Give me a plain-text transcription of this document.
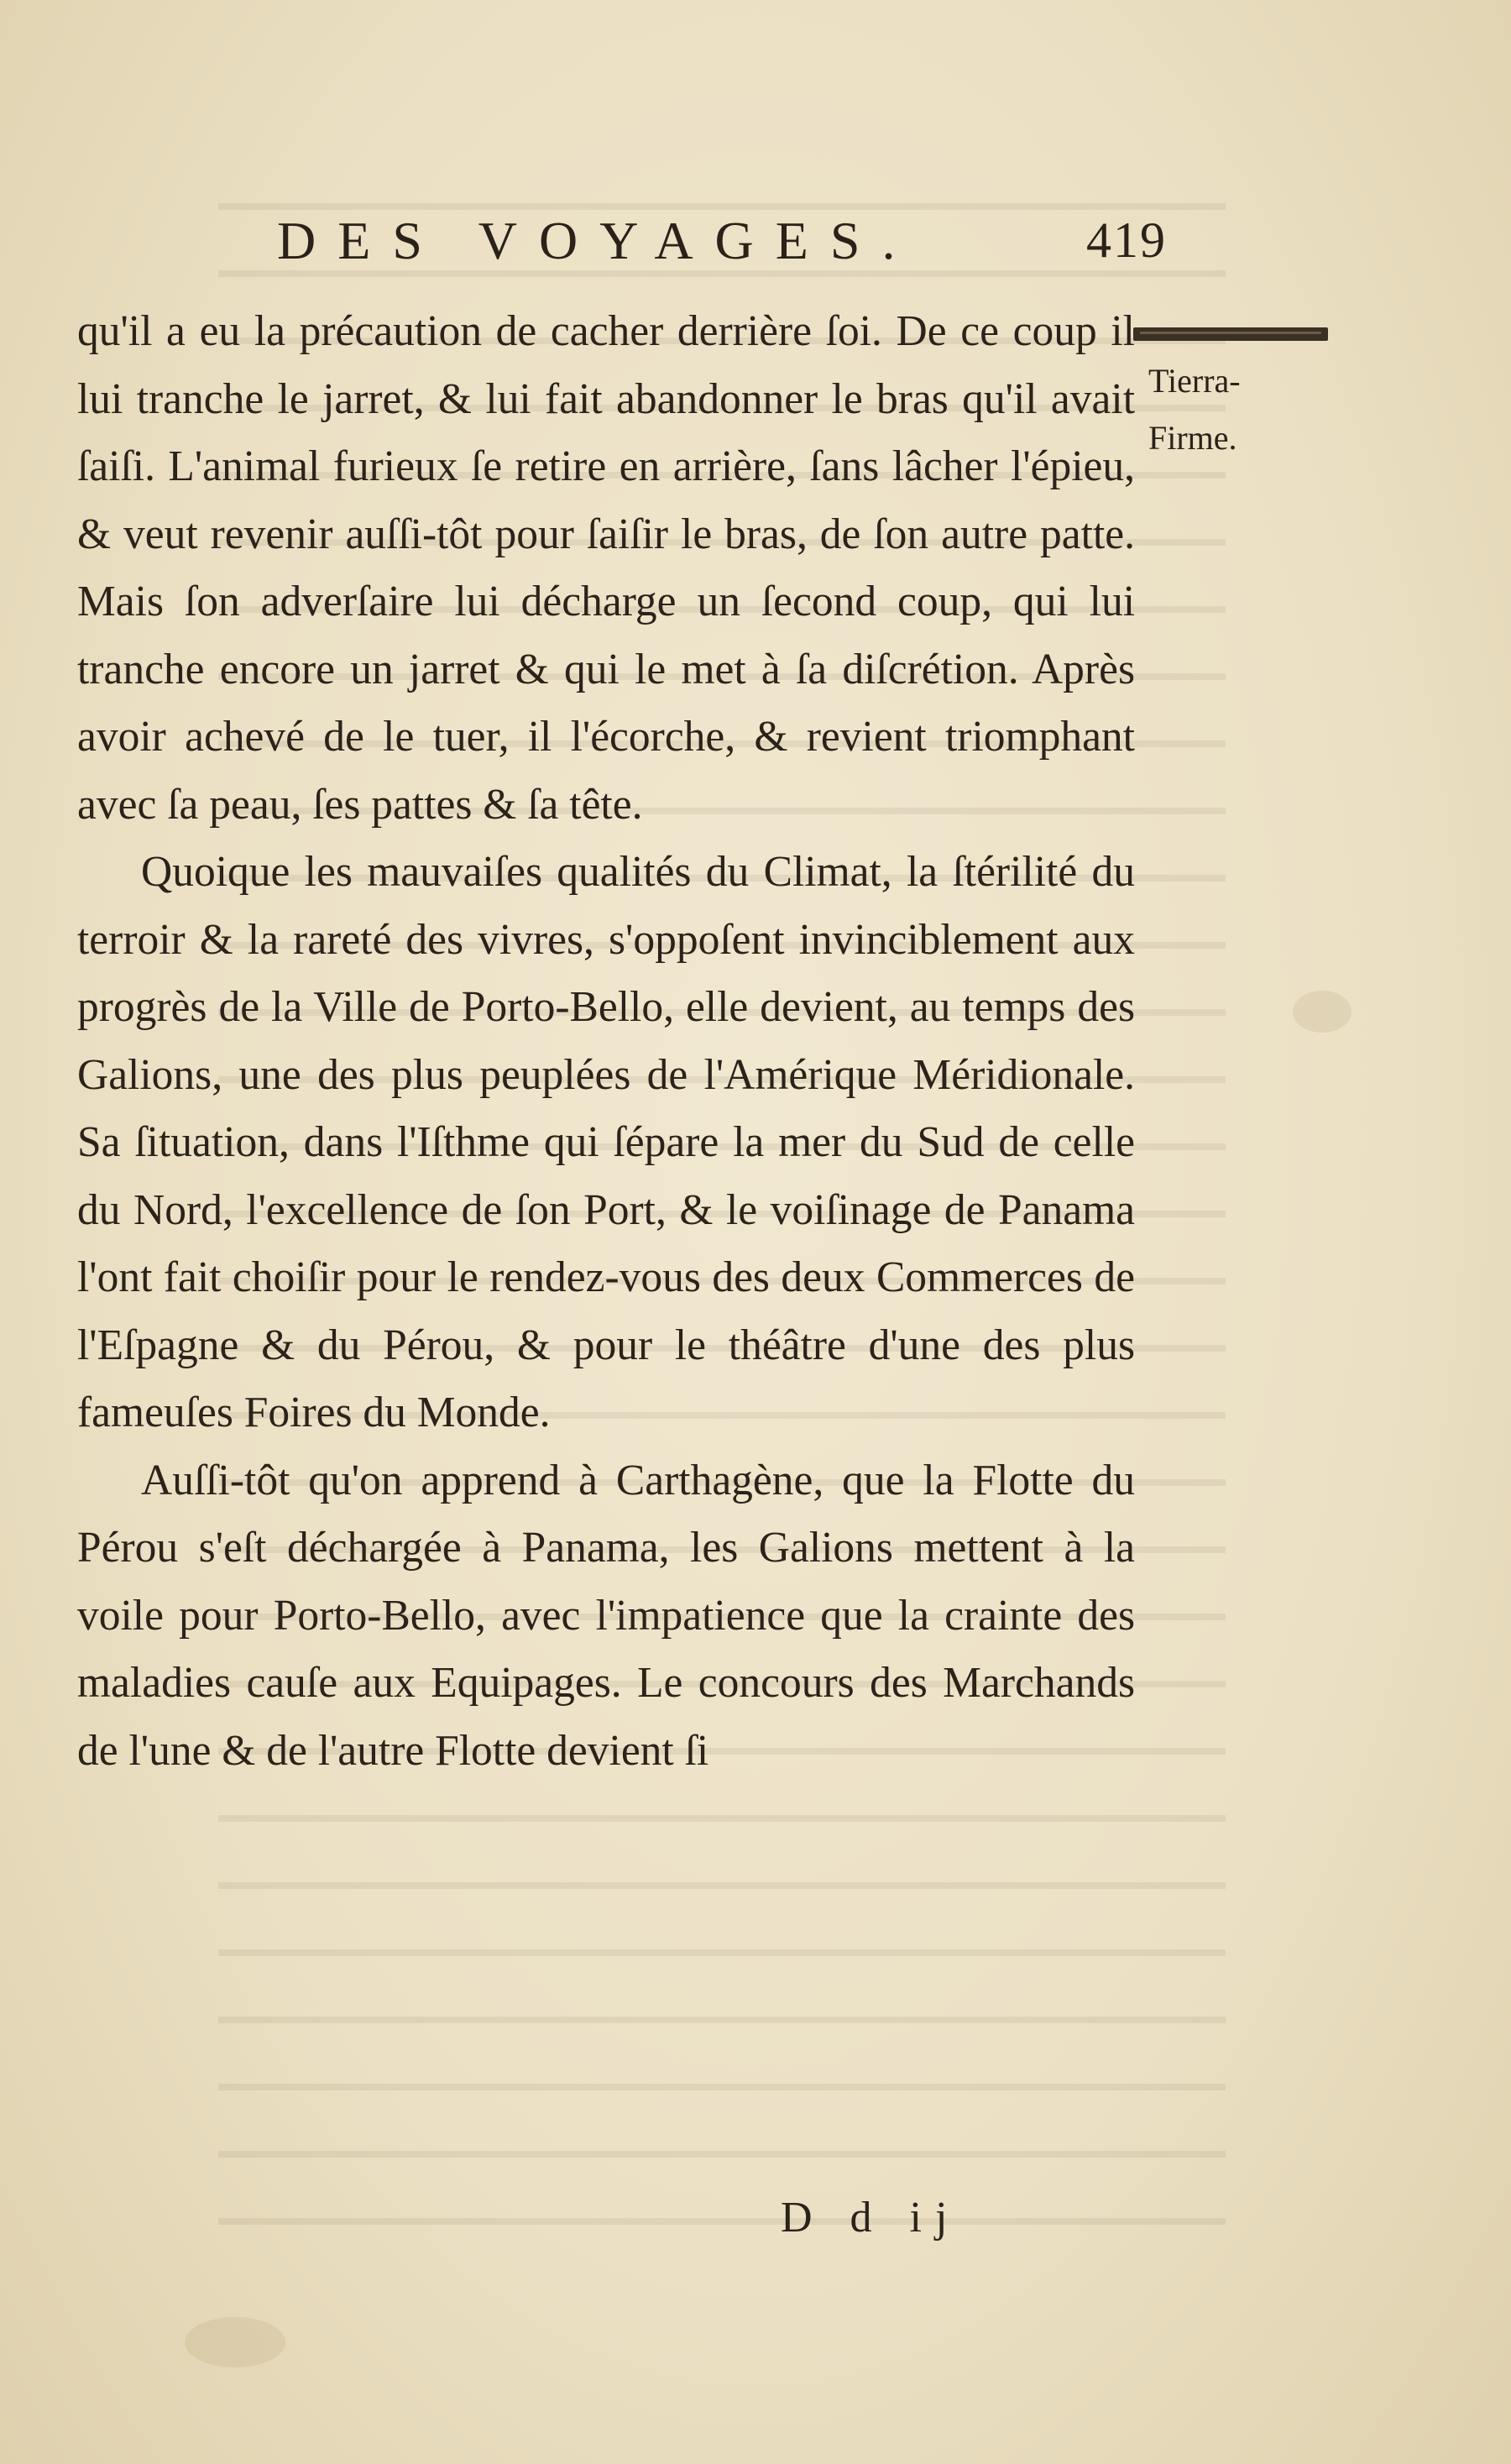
DES VOYAGES.	419
Tierra-
Firme.

qu'il a eu la précaution de cacher derrière ſoi. De ce coup il lui tranche le jarret, & lui fait abandonner le bras qu'il avait ſaiſi. L'animal furieux ſe retire en arrière, ſans lâcher l'épieu, & veut revenir auſſi-tôt pour ſaiſir le bras, de ſon autre patte. Mais ſon adverſaire lui décharge un ſecond coup, qui lui tranche encore un jarret & qui le met à ſa diſcrétion. Après avoir achevé de le tuer, il l'écorche, & revient triomphant avec ſa peau, ſes pattes & ſa tête.

Quoique les mauvaiſes qualités du Climat, la ſtérilité du terroir & la rareté des vivres, s'oppoſent invinciblement aux progrès de la Ville de Porto-Bello, elle devient, au temps des Galions, une des plus peuplées de l'Amérique Méridionale. Sa ſituation, dans l'Iſthme qui ſépare la mer du Sud de celle du Nord, l'excellence de ſon Port, & le voiſinage de Panama l'ont fait choiſir pour le rendez-vous des deux Commerces de l'Eſpagne & du Pérou, & pour le théâtre d'une des plus fameuſes Foires du Monde.

Auſſi-tôt qu'on apprend à Carthagène, que la Flotte du Pérou s'eſt déchargée à Panama, les Galions mettent à la voile pour Porto-Bello, avec l'impatience que la crainte des maladies cauſe aux Equipages. Le concours des Marchands de l'une & de l'autre Flotte devient ſi

D d ij
